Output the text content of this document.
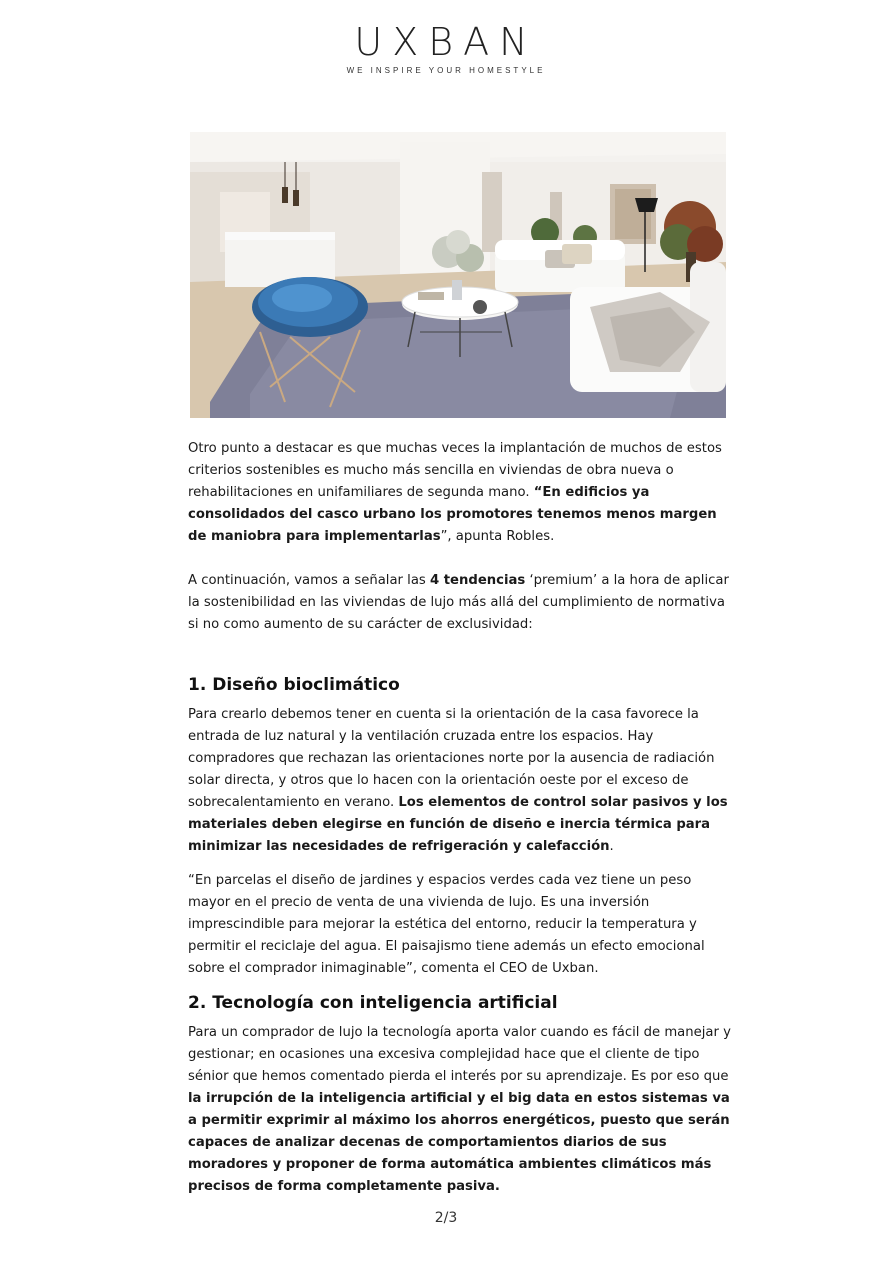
UXBAN
WE INSPIRE YOUR HOMESTYLE

Otro punto a destacar es que muchas veces la implantación de muchos de estos criterios sostenibles es mucho más sencilla en viviendas de obra nueva o rehabilitaciones en unifamiliares de segunda mano. “En edificios ya consolidados del casco urbano los promotores tenemos menos margen de maniobra para implementarlas”, apunta Robles.

A continuación, vamos a señalar las 4 tendencias ‘premium’ a la hora de aplicar la sostenibilidad en las viviendas de lujo más allá del cumplimiento de normativa si no como aumento de su carácter de exclusividad:

1. Diseño bioclimático

Para crearlo debemos tener en cuenta si la orientación de la casa favorece la entrada de luz natural y la ventilación cruzada entre los espacios. Hay compradores que rechazan las orientaciones norte por la ausencia de radiación solar directa, y otros que lo hacen con la orientación oeste por el exceso de sobrecalentamiento en verano. Los elementos de control solar pasivos y los materiales deben elegirse en función de diseño e inercia térmica para minimizar las necesidades de refrigeración y calefacción.

“En parcelas el diseño de jardines y espacios verdes cada vez tiene un peso mayor en el precio de venta de una vivienda de lujo. Es una inversión imprescindible para mejorar la estética del entorno, reducir la temperatura y permitir el reciclaje del agua. El paisajismo tiene además un efecto emocional sobre el comprador inimaginable”, comenta el CEO de Uxban.

2. Tecnología con inteligencia artificial

Para un comprador de lujo la tecnología aporta valor cuando es fácil de manejar y gestionar; en ocasiones una excesiva complejidad hace que el cliente de tipo sénior que hemos comentado pierda el interés por su aprendizaje. Es por eso que la irrupción de la inteligencia artificial y el big data en estos sistemas va a permitir exprimir al máximo los ahorros energéticos, puesto que serán capaces de analizar decenas de comportamientos diarios de sus moradores y proponer de forma automática ambientes climáticos más precisos de forma completamente pasiva.

2/3
